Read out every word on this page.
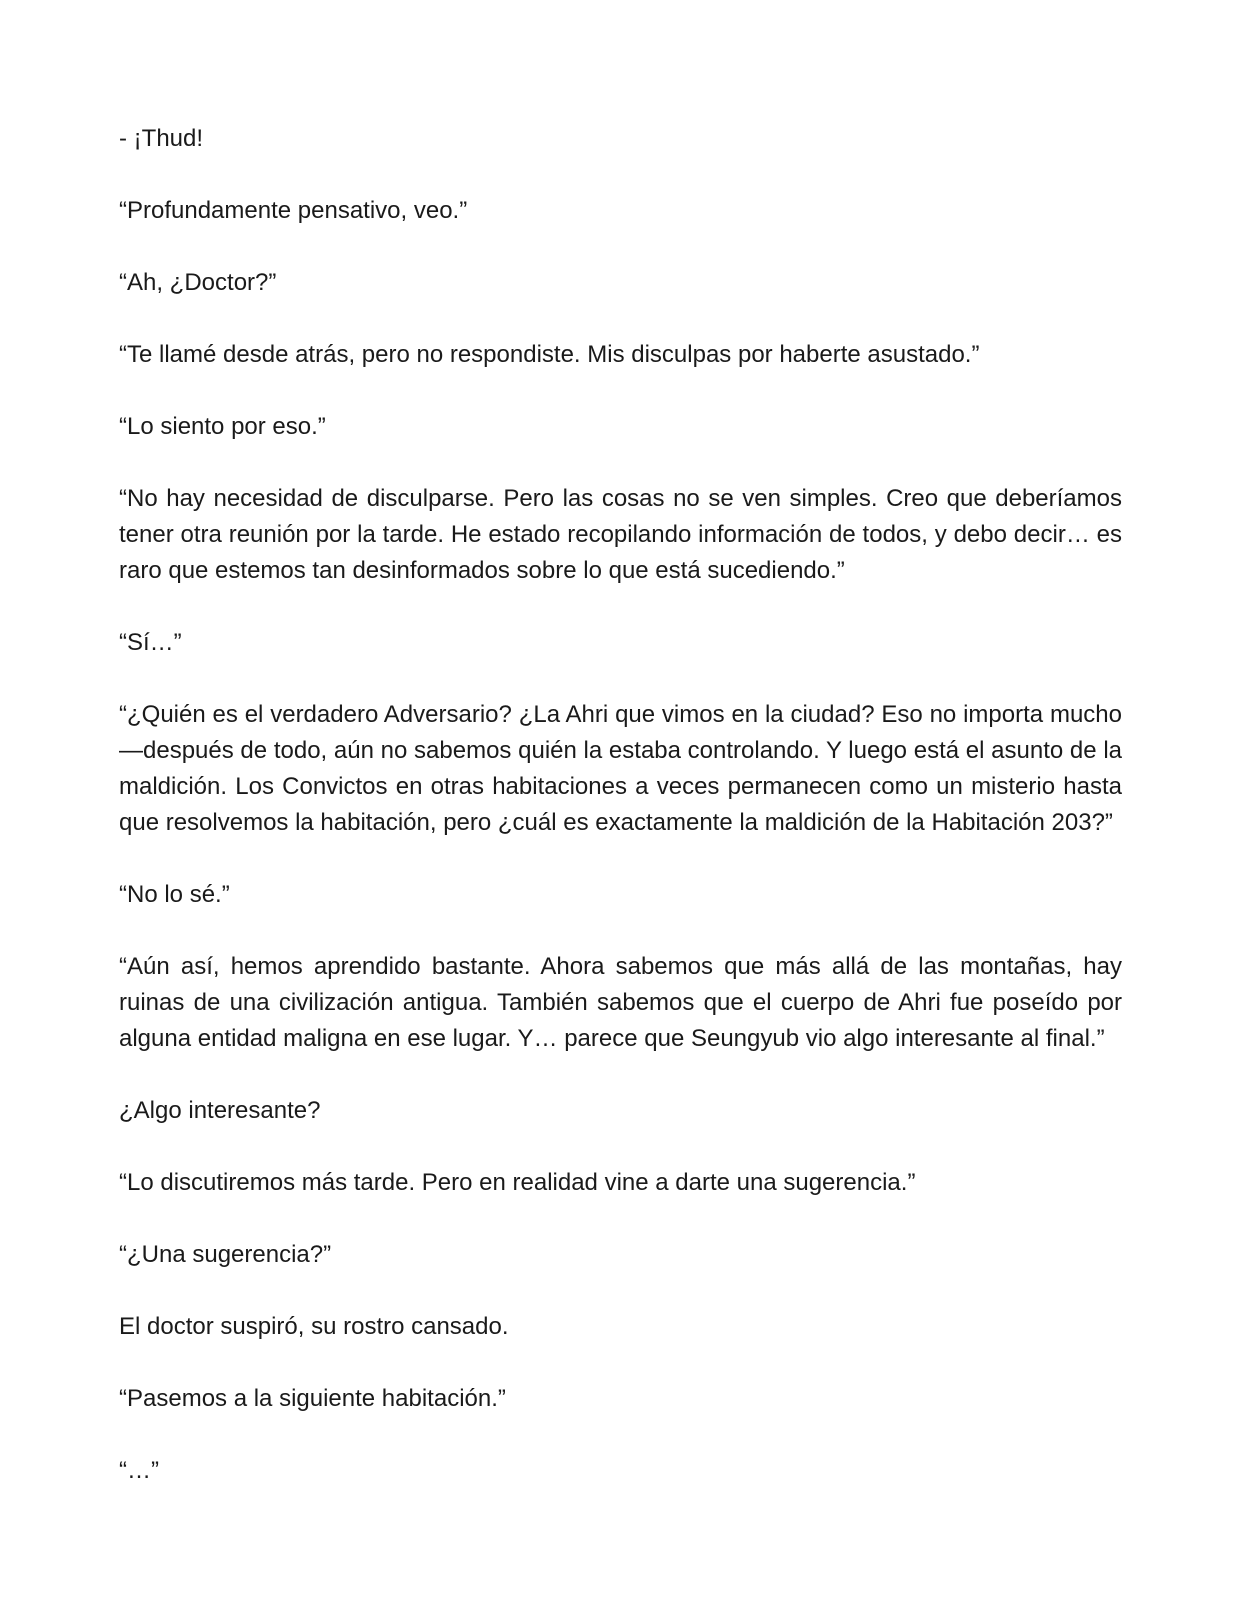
- ¡Thud!

“Profundamente pensativo, veo.”

“Ah, ¿Doctor?”

“Te llamé desde atrás, pero no respondiste. Mis disculpas por haberte asustado.”

“Lo siento por eso.”

“No hay necesidad de disculparse. Pero las cosas no se ven simples. Creo que deberíamos tener otra reunión por la tarde. He estado recopilando información de todos, y debo decir… es raro que estemos tan desinformados sobre lo que está sucediendo.”

“Sí…”

“¿Quién es el verdadero Adversario? ¿La Ahri que vimos en la ciudad? Eso no importa mucho—después de todo, aún no sabemos quién la estaba controlando. Y luego está el asunto de la maldición. Los Convictos en otras habitaciones a veces permanecen como un misterio hasta que resolvemos la habitación, pero ¿cuál es exactamente la maldición de la Habitación 203?”

“No lo sé.”

“Aún así, hemos aprendido bastante. Ahora sabemos que más allá de las montañas, hay ruinas de una civilización antigua. También sabemos que el cuerpo de Ahri fue poseído por alguna entidad maligna en ese lugar. Y… parece que Seungyub vio algo interesante al final.”

¿Algo interesante?

“Lo discutiremos más tarde. Pero en realidad vine a darte una sugerencia.”

“¿Una sugerencia?”

El doctor suspiró, su rostro cansado.

“Pasemos a la siguiente habitación.”

“…”
